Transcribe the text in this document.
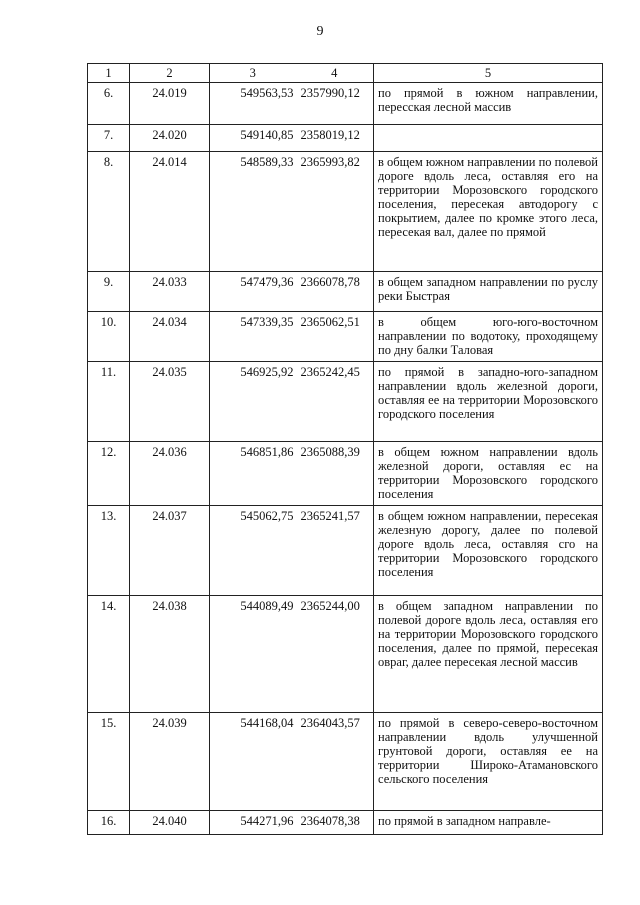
9
1	2	3	4	5
6.	24.019	549563,53	2357990,12	по прямой в южном направлении, пересская лесной массив
7.	24.020	549140,85	2358019,12	
8.	24.014	548589,33	2365993,82	в общем южном направлении по полевой дороге вдоль леса, оставляя его на территории Морозовского городского поселения, пересекая автодорогу с покрытием, далее по кромке этого леса, пересекая вал, далее по прямой
9.	24.033	547479,36	2366078,78	в общем западном направлении по руслу реки Быстрая
10.	24.034	547339,35	2365062,51	в общем юго-юго-восточном направлении по водотоку, проходящему по дну балки Таловая
11.	24.035	546925,92	2365242,45	по прямой в западно-юго-западном направлении вдоль железной дороги, оставляя ее на территории Морозовского городского поселения
12.	24.036	546851,86	2365088,39	в общем южном направлении вдоль железной дороги, оставляя ес на территории Морозовского городского поселения
13.	24.037	545062,75	2365241,57	в общем южном направлении, пересекая железную дорогу, далее по полевой дороге вдоль леса, оставляя сго на территории Морозовского городского поселения
14.	24.038	544089,49	2365244,00	в общем западном направлении по полевой дороге вдоль леса, оставляя его на территории Морозовского городского поселения, далее по прямой, пересекая овраг, далее пересекая лесной массив
15.	24.039	544168,04	2364043,57	по прямой в северо-северо-восточном направлении вдоль улучшенной грунтовой дороги, оставляя ее на территории Широко-Атамановского сельского поселения
16.	24.040	544271,96	2364078,38	по прямой в западном направле-
